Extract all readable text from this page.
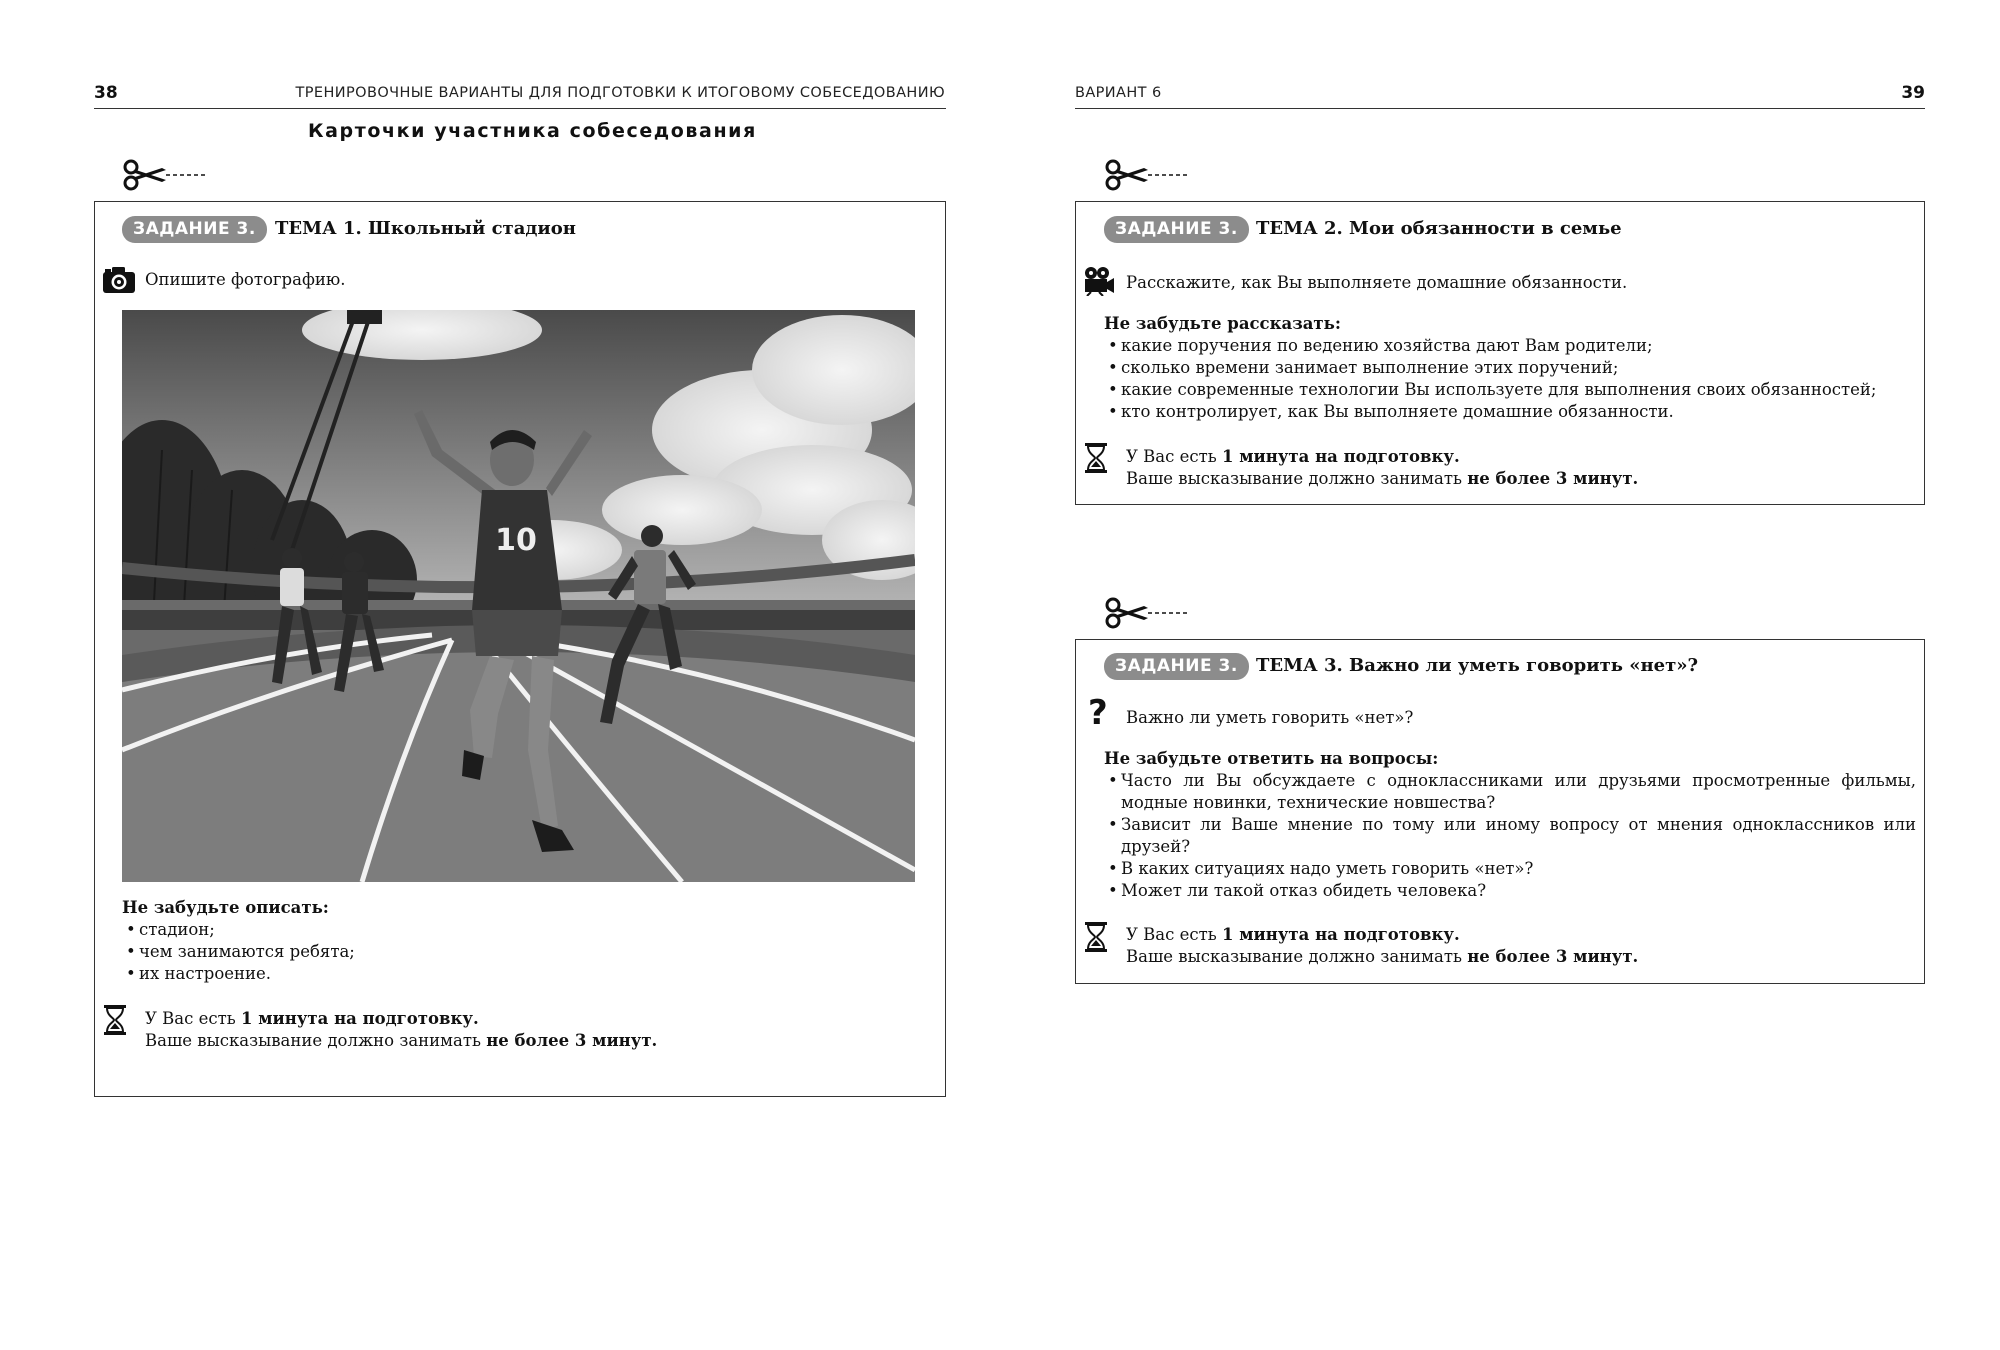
38	ТРЕНИРОВОЧНЫЕ ВАРИАНТЫ ДЛЯ ПОДГОТОВКИ К ИТОГОВОМУ СОБЕСЕДОВАНИЮ
Карточки участника собеседования
ЗАДАНИЕ 3.	ТЕМА 1. Школьный стадион
Опишите фотографию.
10
Не забудьте описать:
• стадион;
• чем занимаются ребята;
• их настроение.
У Вас есть 1 минута на подготовку.
Ваше высказывание должно занимать не более 3 минут.
ВАРИАНТ 6	39
ЗАДАНИЕ 3.	ТЕМА 2. Мои обязанности в семье
Расскажите, как Вы выполняете домашние обязанности.
Не забудьте рассказать:
• какие поручения по ведению хозяйства дают Вам родители;
• сколько времени занимает выполнение этих поручений;
• какие современные технологии Вы используете для выполнения своих обязанностей;
• кто контролирует, как Вы выполняете домашние обязанности.
У Вас есть 1 минута на подготовку.
Ваше высказывание должно занимать не более 3 минут.
ЗАДАНИЕ 3.	ТЕМА 3. Важно ли уметь говорить «нет»?
? Важно ли уметь говорить «нет»?
Не забудьте ответить на вопросы:
• Часто ли Вы обсуждаете с одноклассниками или друзьями просмотренные фильмы, модные новинки, технические новшества?
• Зависит ли Ваше мнение по тому или иному вопросу от мнения одноклассников или друзей?
• В каких ситуациях надо уметь говорить «нет»?
• Может ли такой отказ обидеть человека?
У Вас есть 1 минута на подготовку.
Ваше высказывание должно занимать не более 3 минут.
